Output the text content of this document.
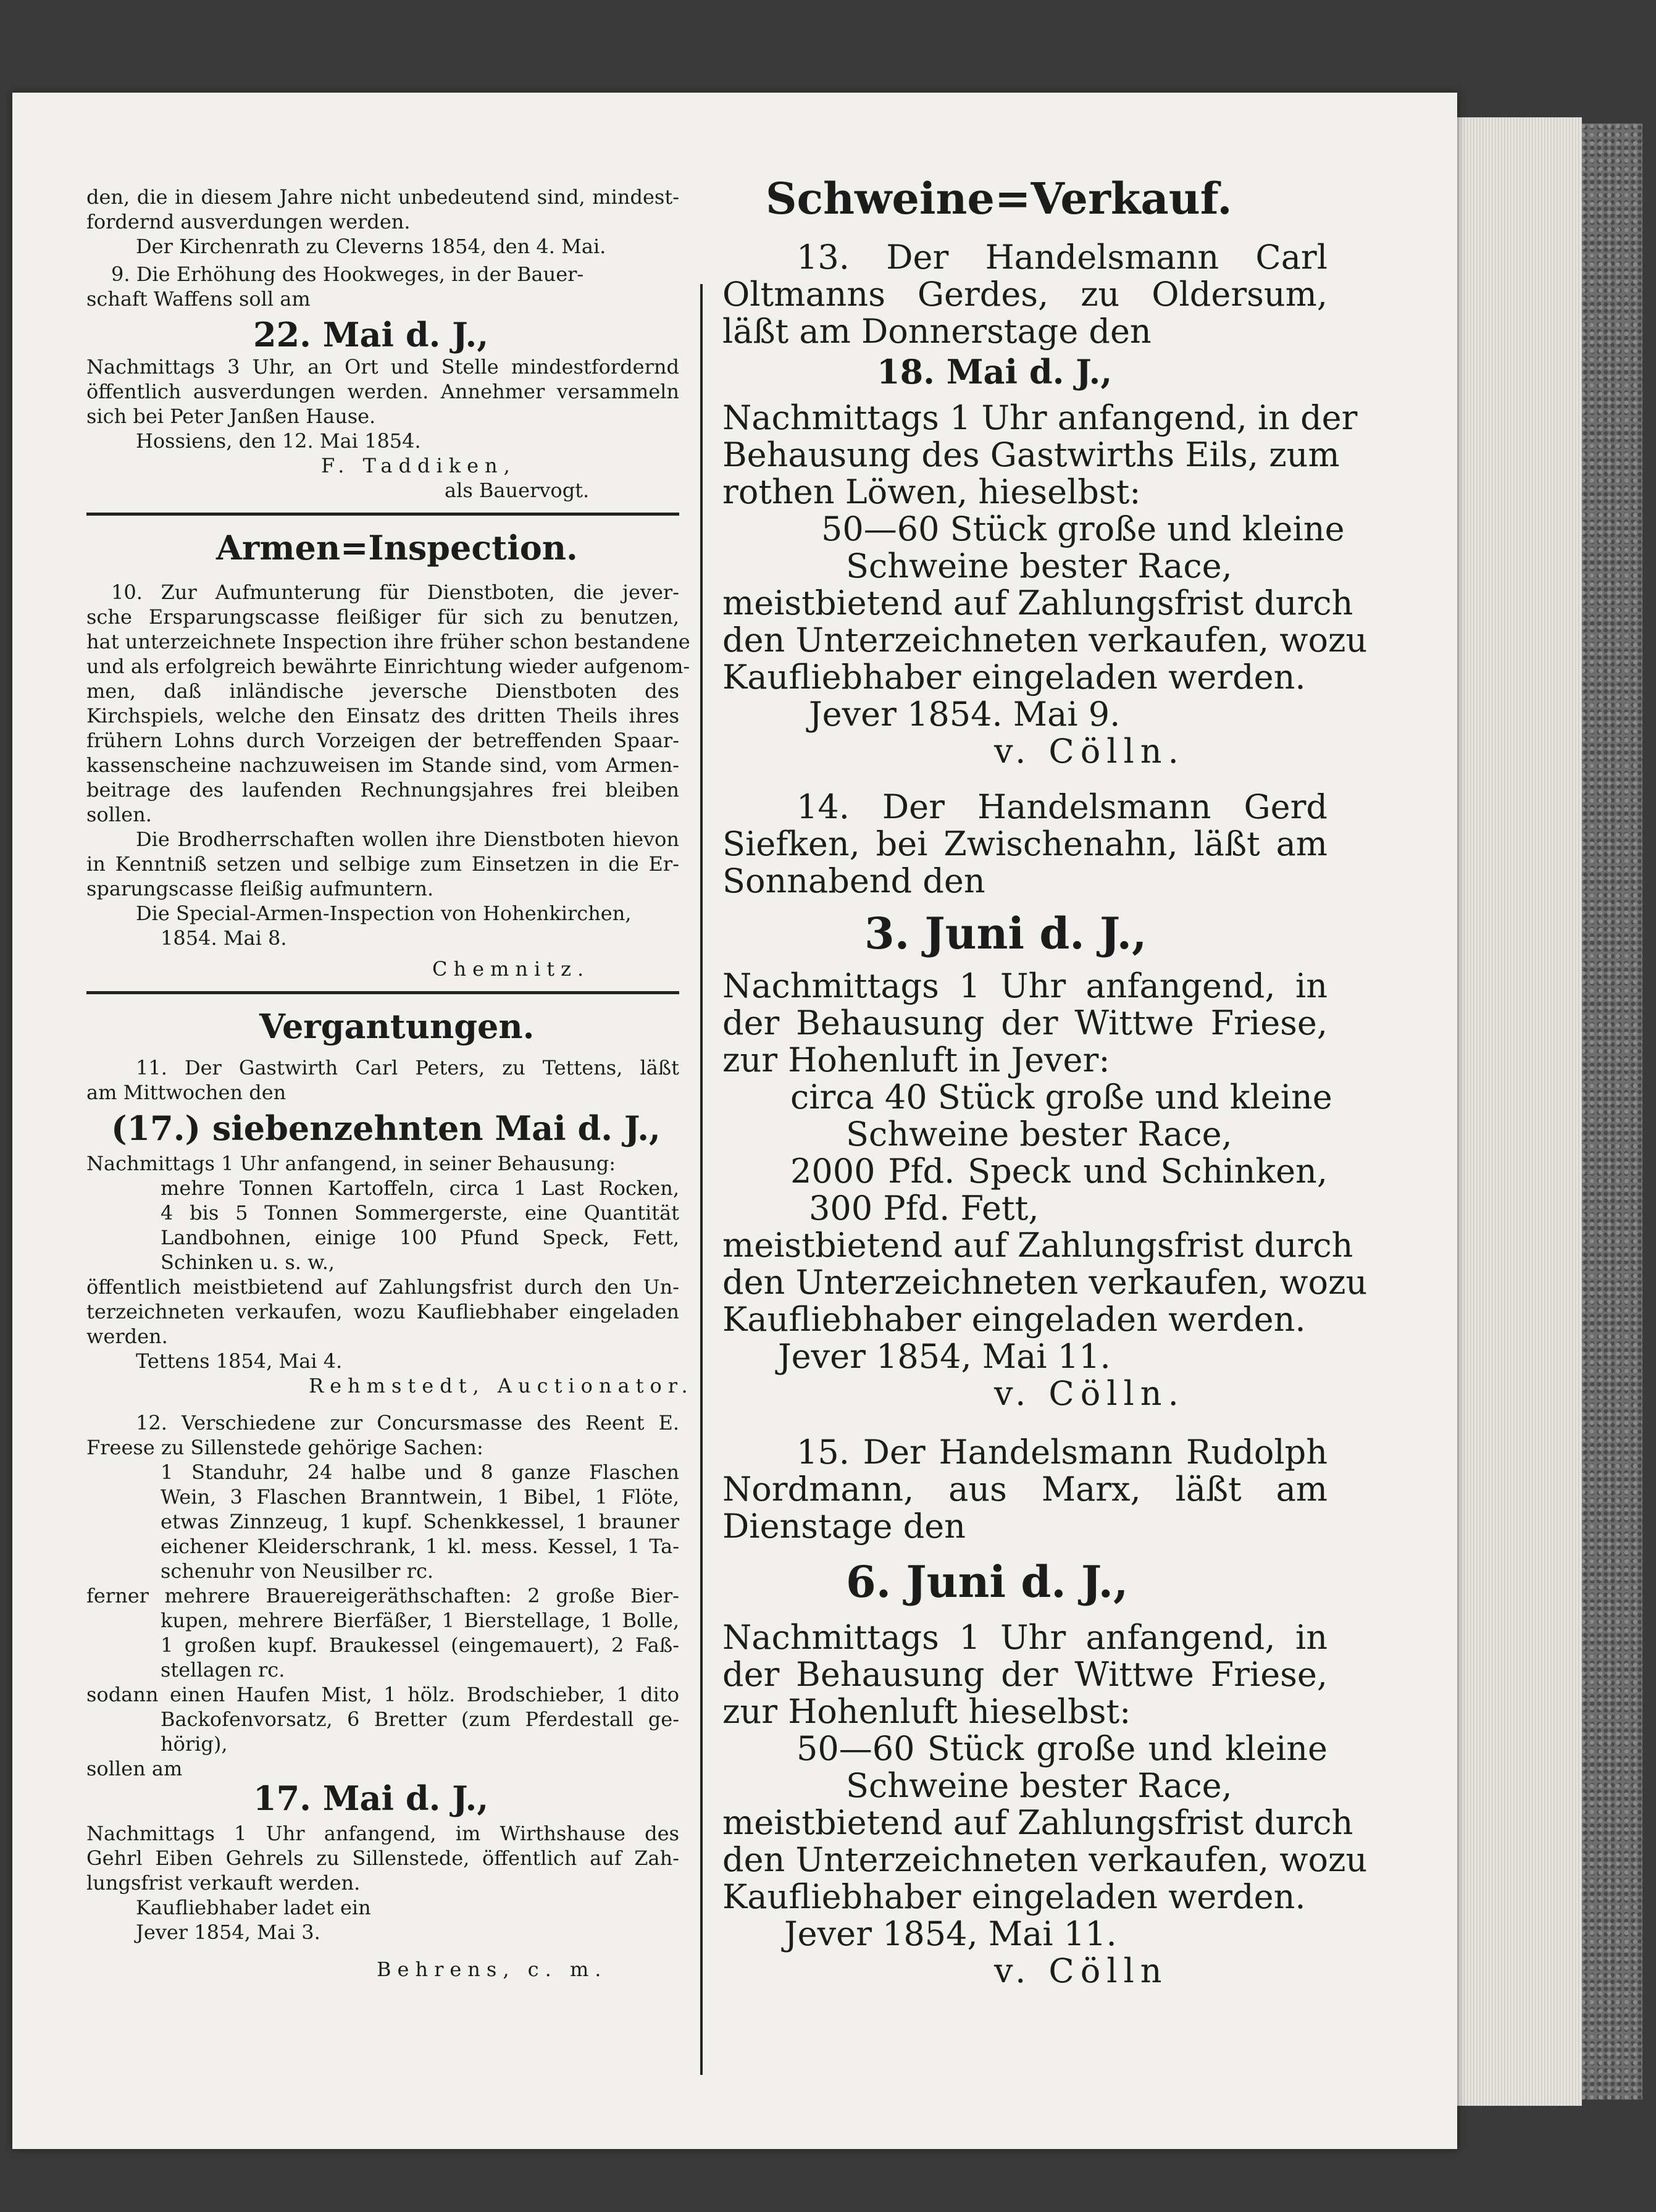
den, die in diesem Jahre nicht unbedeutend sind, mindest-
fordernd ausverdungen werden.
Der Kirchenrath zu Cleverns 1854, den 4. Mai.
9. Die Erhöhung des Hookweges, in der Bauer-
schaft Waffens soll am
22. Mai d. J.,
Nachmittags 3 Uhr, an Ort und Stelle mindestfordernd
öffentlich ausverdungen werden. Annehmer versammeln
sich bei Peter Janßen Hause.
Hossiens, den 12. Mai 1854.
F. Taddiken,
als Bauervogt.
Armen=Inspection.
10. Zur Aufmunterung für Dienstboten, die jever-
sche Ersparungscasse fleißiger für sich zu benutzen,
hat unterzeichnete Inspection ihre früher schon bestandene
und als erfolgreich bewährte Einrichtung wieder aufgenom-
men, daß inländische jeversche Dienstboten des
Kirchspiels, welche den Einsatz des dritten Theils ihres
frühern Lohns durch Vorzeigen der betreffenden Spaar-
kassenscheine nachzuweisen im Stande sind, vom Armen-
beitrage des laufenden Rechnungsjahres frei bleiben
sollen.
Die Brodherrschaften wollen ihre Dienstboten hievon
in Kenntniß setzen und selbige zum Einsetzen in die Er-
sparungscasse fleißig aufmuntern.
Die Special-Armen-Inspection von Hohenkirchen,
1854. Mai 8.
Chemnitz.
Vergantungen.
11. Der Gastwirth Carl Peters, zu Tettens, läßt
am Mittwochen den
(17.) siebenzehnten Mai d. J.,
Nachmittags 1 Uhr anfangend, in seiner Behausung:
mehre Tonnen Kartoffeln, circa 1 Last Rocken,
4 bis 5 Tonnen Sommergerste, eine Quantität
Landbohnen, einige 100 Pfund Speck, Fett,
Schinken u. s. w.,
öffentlich meistbietend auf Zahlungsfrist durch den Un-
terzeichneten verkaufen, wozu Kaufliebhaber eingeladen
werden.
Tettens 1854, Mai 4.
Rehmstedt, Auctionator.
12. Verschiedene zur Concursmasse des Reent E.
Freese zu Sillenstede gehörige Sachen:
1 Standuhr, 24 halbe und 8 ganze Flaschen
Wein, 3 Flaschen Branntwein, 1 Bibel, 1 Flöte,
etwas Zinnzeug, 1 kupf. Schenkkessel, 1 brauner
eichener Kleiderschrank, 1 kl. mess. Kessel, 1 Ta-
schenuhr von Neusilber rc.
ferner mehrere Brauereigeräthschaften: 2 große Bier-
kupen, mehrere Bierfäßer, 1 Bierstellage, 1 Bolle,
1 großen kupf. Braukessel (eingemauert), 2 Faß-
stellagen rc.
sodann einen Haufen Mist, 1 hölz. Brodschieber, 1 dito
Backofenvorsatz, 6 Bretter (zum Pferdestall ge-
hörig),
sollen am
17. Mai d. J.,
Nachmittags 1 Uhr anfangend, im Wirthshause des
Gehrl Eiben Gehrels zu Sillenstede, öffentlich auf Zah-
lungsfrist verkauft werden.
Kaufliebhaber ladet ein
Jever 1854, Mai 3.
Behrens, c. m.
Schweine=Verkauf.
13. Der Handelsmann Carl
Oltmanns Gerdes, zu Oldersum,
läßt am Donnerstage den
18. Mai d. J.,
Nachmittags 1 Uhr anfangend, in der
Behausung des Gastwirths Eils, zum
rothen Löwen, hieselbst:
50—60 Stück große und kleine
Schweine bester Race,
meistbietend auf Zahlungsfrist durch
den Unterzeichneten verkaufen, wozu
Kaufliebhaber eingeladen werden.
Jever 1854. Mai 9.
v. Cölln.
14. Der Handelsmann Gerd
Siefken, bei Zwischenahn, läßt am
Sonnabend den
3. Juni d. J.,
Nachmittags 1 Uhr anfangend, in
der Behausung der Wittwe Friese,
zur Hohenluft in Jever:
circa 40 Stück große und kleine
Schweine bester Race,
2000 Pfd. Speck und Schinken,
300 Pfd. Fett,
meistbietend auf Zahlungsfrist durch
den Unterzeichneten verkaufen, wozu
Kaufliebhaber eingeladen werden.
Jever 1854, Mai 11.
v. Cölln.
15. Der Handelsmann Rudolph
Nordmann, aus Marx, läßt am
Dienstage den
6. Juni d. J.,
Nachmittags 1 Uhr anfangend, in
der Behausung der Wittwe Friese,
zur Hohenluft hieselbst:
50—60 Stück große und kleine
Schweine bester Race,
meistbietend auf Zahlungsfrist durch
den Unterzeichneten verkaufen, wozu
Kaufliebhaber eingeladen werden.
Jever 1854, Mai 11.
v. Cölln
